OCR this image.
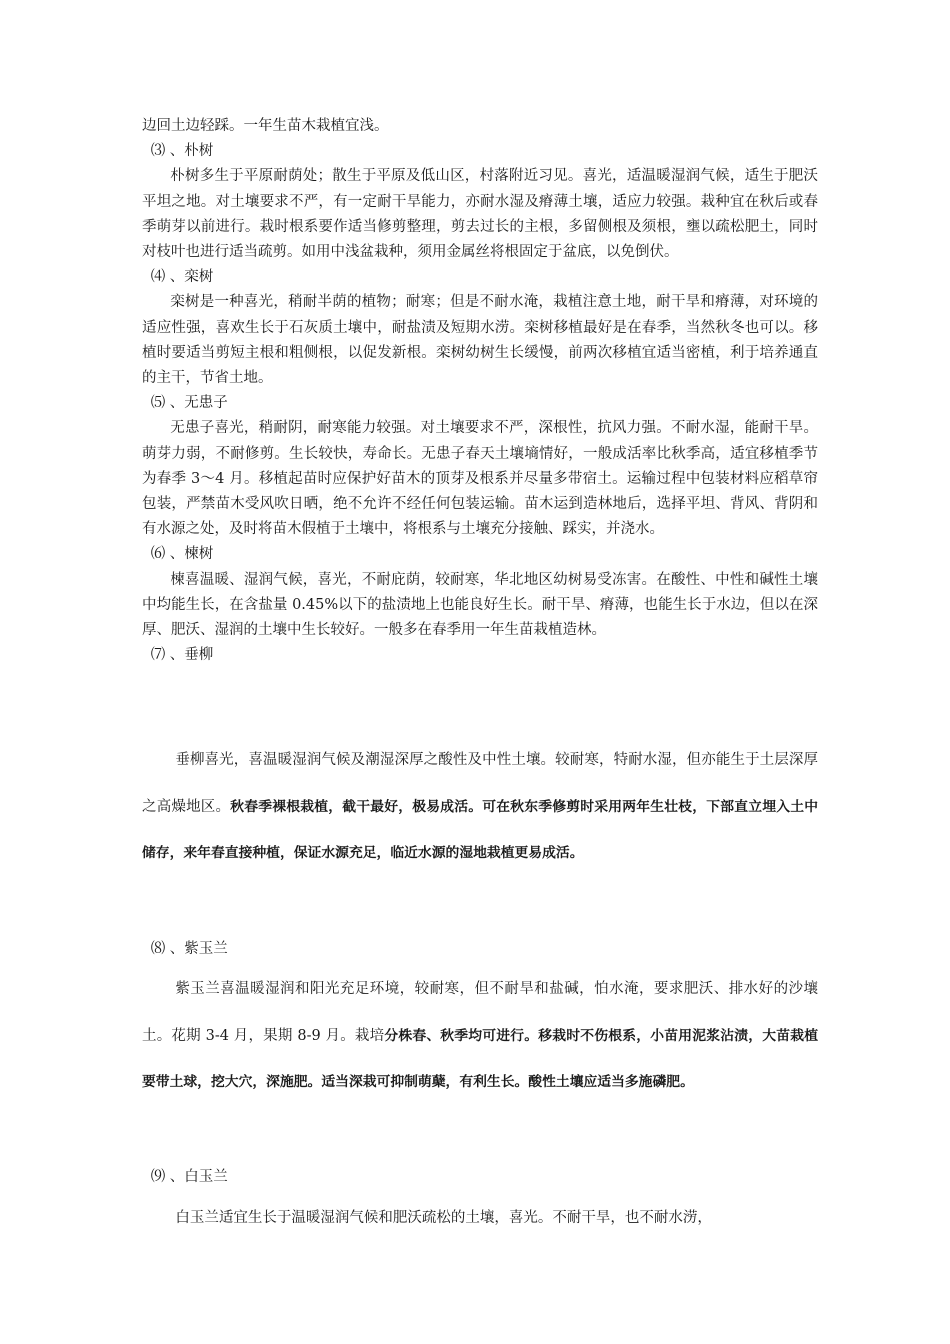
边回土边轻踩。一年生苗木栽植宜浅。

⑶ 、朴树

朴树多生于平原耐荫处；散生于平原及低山区，村落附近习见。喜光，适温暖湿润气候，适生于肥沃平坦之地。对土壤要求不严，有一定耐干旱能力，亦耐水湿及瘠薄土壤，适应力较强。栽种宜在秋后或春季萌芽以前进行。栽时根系要作适当修剪整理，剪去过长的主根，多留侧根及须根，壅以疏松肥土，同时对枝叶也进行适当疏剪。如用中浅盆栽种，须用金属丝将根固定于盆底，以免倒伏。

⑷ 、栾树

栾树是一种喜光，稍耐半荫的植物；耐寒；但是不耐水淹，栽植注意土地，耐干旱和瘠薄，对环境的适应性强，喜欢生长于石灰质土壤中，耐盐渍及短期水涝。栾树移植最好是在春季，当然秋冬也可以。移植时要适当剪短主根和粗侧根，以促发新根。栾树幼树生长缓慢，前两次移植宜适当密植，利于培养通直的主干，节省土地。

⑸ 、无患子

无患子喜光，稍耐阴，耐寒能力较强。对土壤要求不严，深根性，抗风力强。不耐水湿，能耐干旱。萌芽力弱，不耐修剪。生长较快，寿命长。无患子春天土壤墒情好，一般成活率比秋季高，适宜移植季节为春季 3〜4 月。移植起苗时应保护好苗木的顶芽及根系并尽量多带宿土。运输过程中包装材料应稻草帘包装，严禁苗木受风吹日晒，绝不允许不经任何包装运输。苗木运到造林地后，选择平坦、背风、背阴和有水源之处，及时将苗木假植于土壤中，将根系与土壤充分接触、踩实，并浇水。

⑹ 、楝树

楝喜温暖、湿润气候，喜光，不耐庇荫，较耐寒，华北地区幼树易受冻害。在酸性、中性和碱性土壤中均能生长，在含盐量 0.45%以下的盐渍地上也能良好生长。耐干旱、瘠薄，也能生长于水边，但以在深厚、肥沃、湿润的土壤中生长较好。一般多在春季用一年生苗栽植造林。

⑺ 、垂柳

垂柳喜光，喜温暖湿润气候及潮湿深厚之酸性及中性土壤。较耐寒，特耐水湿，但亦能生于土层深厚之高燥地区。秋春季裸根栽植，截干最好，极易成活。可在秋东季修剪时采用两年生壮枝，下部直立埋入土中储存，来年春直接种植，保证水源充足，临近水源的湿地栽植更易成活。

⑻ 、紫玉兰

紫玉兰喜温暖湿润和阳光充足环境，较耐寒，但不耐旱和盐碱，怕水淹，要求肥沃、排水好的沙壤土。花期 3-4 月，果期 8-9 月。栽培分株春、秋季均可进行。移栽时不伤根系，小苗用泥浆沾渍，大苗栽植要带土球，挖大穴，深施肥。适当深栽可抑制萌蘖，有利生长。酸性土壤应适当多施磷肥。

⑼ 、白玉兰

白玉兰适宜生长于温暖湿润气候和肥沃疏松的土壤，喜光。不耐干旱，也不耐水涝，
